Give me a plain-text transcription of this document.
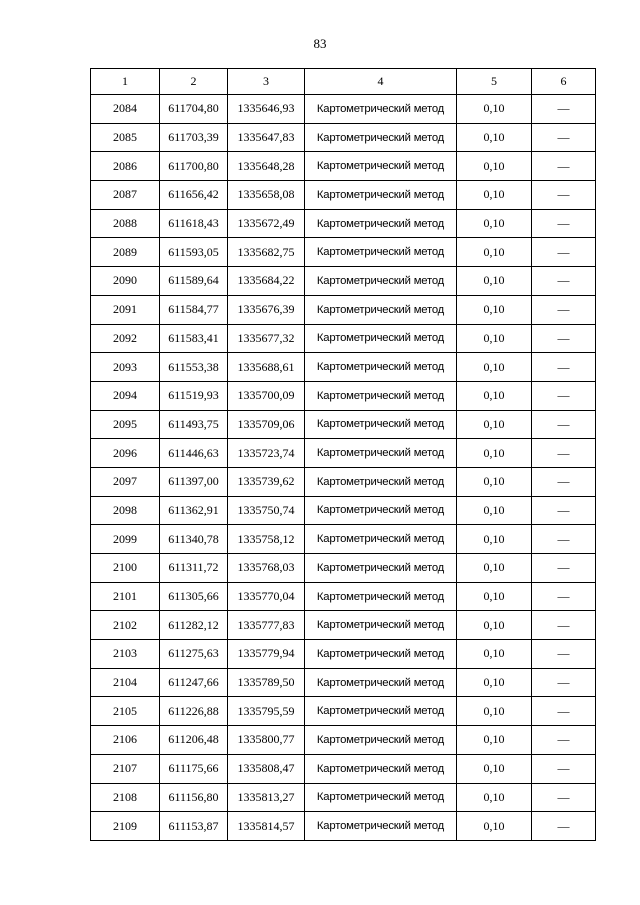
83
1	2	3	4	5	6
2084	611704,80	1335646,93	Картометрический метод	0,10	—
2085	611703,39	1335647,83	Картометрический метод	0,10	—
2086	611700,80	1335648,28	Картометрический метод	0,10	—
2087	611656,42	1335658,08	Картометрический метод	0,10	—
2088	611618,43	1335672,49	Картометрический метод	0,10	—
2089	611593,05	1335682,75	Картометрический метод	0,10	—
2090	611589,64	1335684,22	Картометрический метод	0,10	—
2091	611584,77	1335676,39	Картометрический метод	0,10	—
2092	611583,41	1335677,32	Картометрический метод	0,10	—
2093	611553,38	1335688,61	Картометрический метод	0,10	—
2094	611519,93	1335700,09	Картометрический метод	0,10	—
2095	611493,75	1335709,06	Картометрический метод	0,10	—
2096	611446,63	1335723,74	Картометрический метод	0,10	—
2097	611397,00	1335739,62	Картометрический метод	0,10	—
2098	611362,91	1335750,74	Картометрический метод	0,10	—
2099	611340,78	1335758,12	Картометрический метод	0,10	—
2100	611311,72	1335768,03	Картометрический метод	0,10	—
2101	611305,66	1335770,04	Картометрический метод	0,10	—
2102	611282,12	1335777,83	Картометрический метод	0,10	—
2103	611275,63	1335779,94	Картометрический метод	0,10	—
2104	611247,66	1335789,50	Картометрический метод	0,10	—
2105	611226,88	1335795,59	Картометрический метод	0,10	—
2106	611206,48	1335800,77	Картометрический метод	0,10	—
2107	611175,66	1335808,47	Картометрический метод	0,10	—
2108	611156,80	1335813,27	Картометрический метод	0,10	—
2109	611153,87	1335814,57	Картометрический метод	0,10	—
